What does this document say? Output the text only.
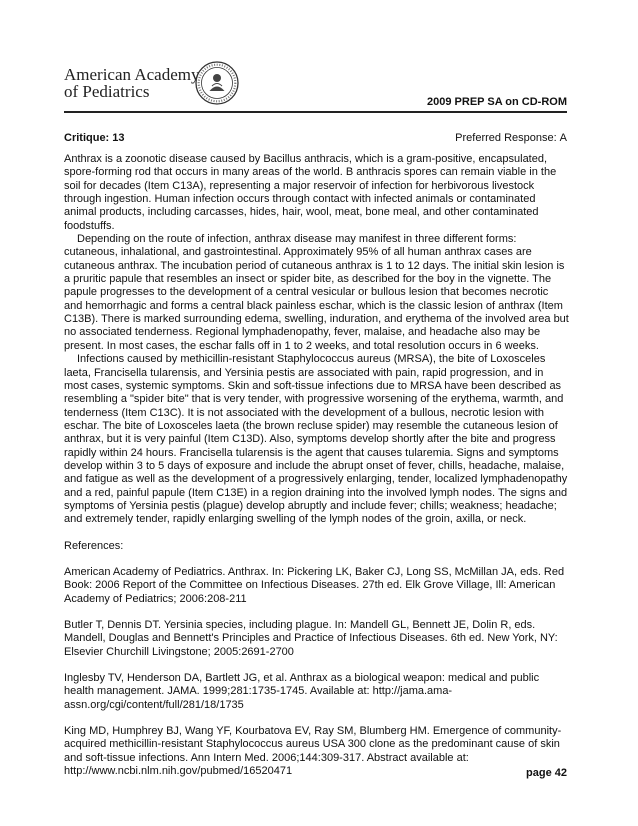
American Academy
of Pediatrics
2009 PREP SA on CD-ROM
Critique: 13	Preferred Response: A

Anthrax is a zoonotic disease caused by Bacillus anthracis, which is a gram-positive, encapsulated, spore-forming rod that occurs in many areas of the world. B anthracis spores can remain viable in the soil for decades (Item C13A), representing a major reservoir of infection for herbivorous livestock through ingestion. Human infection occurs through contact with infected animals or contaminated animal products, including carcasses, hides, hair, wool, meat, bone meal, and other contaminated foodstuffs.

Depending on the route of infection, anthrax disease may manifest in three different forms: cutaneous, inhalational, and gastrointestinal. Approximately 95% of all human anthrax cases are cutaneous anthrax. The incubation period of cutaneous anthrax is 1 to 12 days. The initial skin lesion is a pruritic papule that resembles an insect or spider bite, as described for the boy in the vignette. The papule progresses to the development of a central vesicular or bullous lesion that becomes necrotic and hemorrhagic and forms a central black painless eschar, which is the classic lesion of anthrax (Item C13B). There is marked surrounding edema, swelling, induration, and erythema of the involved area but no associated tenderness. Regional lymphadenopathy, fever, malaise, and headache also may be present. In most cases, the eschar falls off in 1 to 2 weeks, and total resolution occurs in 6 weeks.

Infections caused by methicillin-resistant Staphylococcus aureus (MRSA), the bite of Loxosceles laeta, Francisella tularensis, and Yersinia pestis are associated with pain, rapid progression, and in most cases, systemic symptoms. Skin and soft-tissue infections due to MRSA have been described as resembling a "spider bite" that is very tender, with progressive worsening of the erythema, warmth, and tenderness (Item C13C). It is not associated with the development of a bullous, necrotic lesion with eschar. The bite of Loxosceles laeta (the brown recluse spider) may resemble the cutaneous lesion of anthrax, but it is very painful (Item C13D). Also, symptoms develop shortly after the bite and progress rapidly within 24 hours. Francisella tularensis is the agent that causes tularemia. Signs and symptoms develop within 3 to 5 days of exposure and include the abrupt onset of fever, chills, headache, malaise, and fatigue as well as the development of a progressively enlarging, tender, localized lymphadenopathy and a red, painful papule (Item C13E) in a region draining into the involved lymph nodes. The signs and symptoms of Yersinia pestis (plague) develop abruptly and include fever; chills; weakness; headache; and extremely tender, rapidly enlarging swelling of the lymph nodes of the groin, axilla, or neck.

References:

American Academy of Pediatrics. Anthrax. In: Pickering LK, Baker CJ, Long SS, McMillan JA, eds. Red Book: 2006 Report of the Committee on Infectious Diseases. 27th ed. Elk Grove Village, Ill: American Academy of Pediatrics; 2006:208-211

Butler T, Dennis DT. Yersinia species, including plague. In: Mandell GL, Bennett JE, Dolin R, eds. Mandell, Douglas and Bennett's Principles and Practice of Infectious Diseases. 6th ed. New York, NY: Elsevier Churchill Livingstone; 2005:2691-2700

Inglesby TV, Henderson DA, Bartlett JG, et al. Anthrax as a biological weapon: medical and public health management. JAMA. 1999;281:1735-1745. Available at: http://jama.ama-assn.org/cgi/content/full/281/18/1735

King MD, Humphrey BJ, Wang YF, Kourbatova EV, Ray SM, Blumberg HM. Emergence of community-acquired methicillin-resistant Staphylococcus aureus USA 300 clone as the predominant cause of skin and soft-tissue infections. Ann Intern Med. 2006;144:309-317. Abstract available at: http://www.ncbi.nlm.nih.gov/pubmed/16520471	page 42
